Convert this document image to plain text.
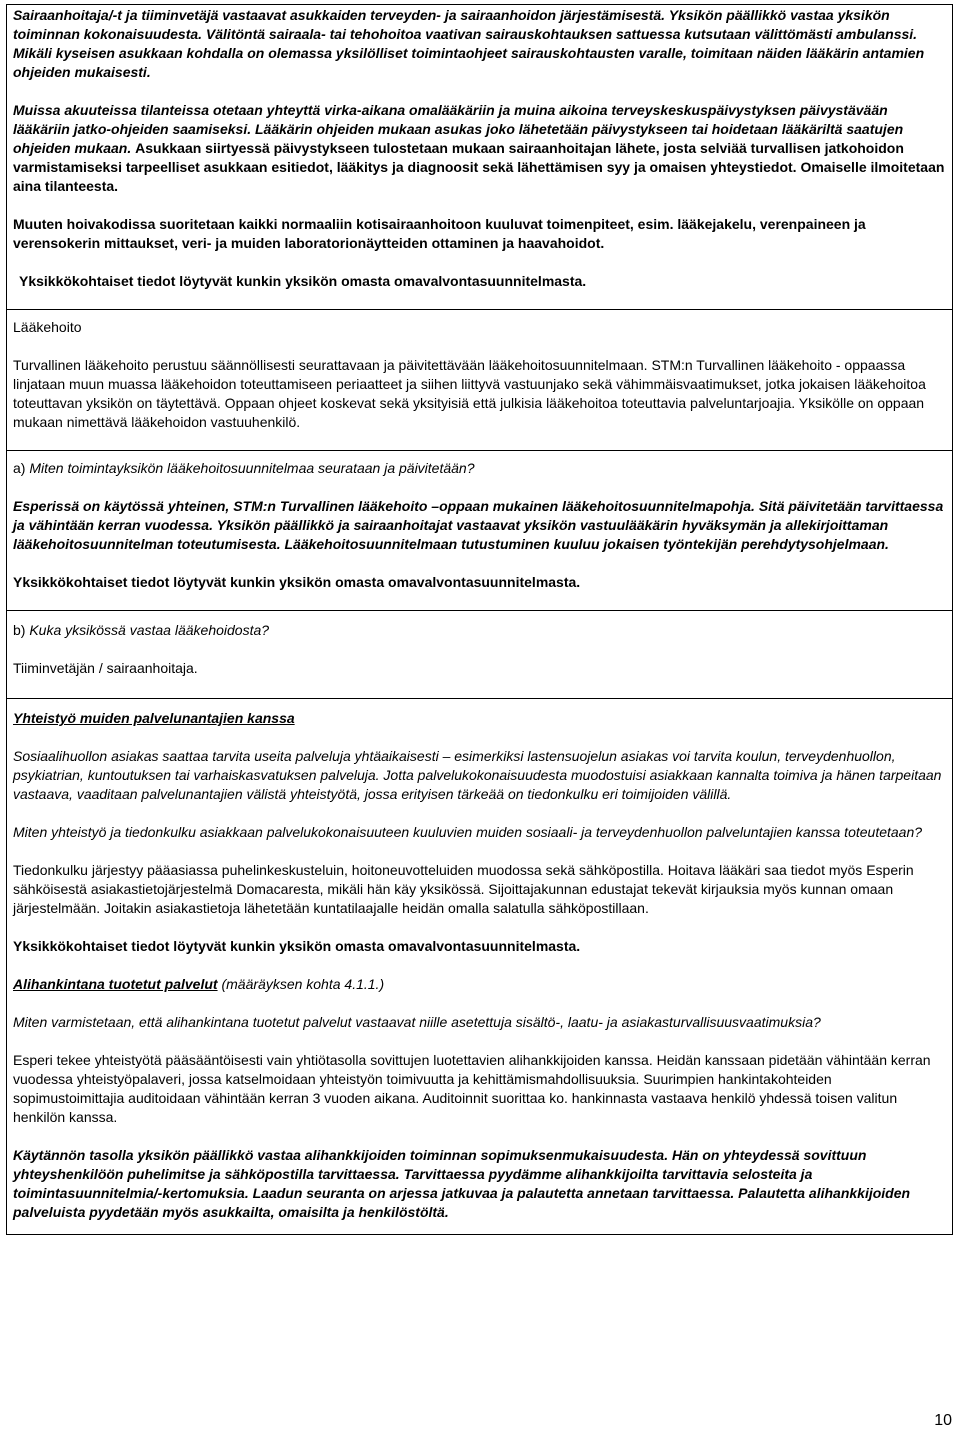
Sairaanhoitaja/-t ja tiiminvetäjä vastaavat asukkaiden terveyden- ja sairaanhoidon järjestämisestä. Yksikön päällikkö vastaa yksikön toiminnan kokonaisuudesta. Välitöntä sairaala- tai tehohoitoa vaativan sairauskohtauksen sattuessa kutsutaan välittömästi ambulanssi. Mikäli kyseisen asukkaan kohdalla on olemassa yksilölliset toimintaohjeet sairauskohtausten varalle, toimitaan näiden lääkärin antamien ohjeiden mukaisesti.

Muissa akuuteissa tilanteissa otetaan yhteyttä virka-aikana omalääkäriin ja muina aikoina terveyskeskuspäivystyksen päivystävään lääkäriin jatko-ohjeiden saamiseksi. Lääkärin ohjeiden mukaan asukas joko lähetetään päivystykseen tai hoidetaan lääkäriltä saatujen ohjeiden mukaan. Asukkaan siirtyessä päivystykseen tulostetaan mukaan sairaanhoitajan lähete, josta selviää turvallisen jatkohoidon varmistamiseksi tarpeelliset asukkaan esitiedot, lääkitys ja diagnoosit sekä lähettämisen syy ja omaisen yhteystiedot. Omaiselle ilmoitetaan aina tilanteesta.

Muuten hoivakodissa suoritetaan kaikki normaaliin kotisairaanhoitoon kuuluvat toimenpiteet, esim. lääkejakelu, verenpaineen ja verensokerin mittaukset, veri- ja muiden laboratorionäytteiden ottaminen ja haavahoidot.

Yksikkökohtaiset tiedot löytyvät kunkin yksikön omasta omavalvontasuunnitelmasta.

Lääkehoito

Turvallinen lääkehoito perustuu säännöllisesti seurattavaan ja päivitettävään lääkehoitosuunnitelmaan. STM:n Turvallinen lääkehoito - oppaassa linjataan muun muassa lääkehoidon toteuttamiseen periaatteet ja siihen liittyvä vastuunjako sekä vähimmäisvaatimukset, jotka jokaisen lääkehoitoa toteuttavan yksikön on täytettävä. Oppaan ohjeet koskevat sekä yksityisiä että julkisia lääkehoitoa toteuttavia palveluntarjoajia. Yksikölle on oppaan mukaan nimettävä lääkehoidon vastuuhenkilö.

a) Miten toimintayksikön lääkehoitosuunnitelmaa seurataan ja päivitetään?

Esperissä on käytössä yhteinen, STM:n Turvallinen lääkehoito –oppaan mukainen lääkehoitosuunnitelmapohja. Sitä päivitetään tarvittaessa ja vähintään kerran vuodessa. Yksikön päällikkö ja sairaanhoitajat vastaavat yksikön vastuulääkärin hyväksymän ja allekirjoittaman lääkehoitosuunnitelman toteutumisesta. Lääkehoitosuunnitelmaan tutustuminen kuuluu jokaisen työntekijän perehdytysohjelmaan.

Yksikkökohtaiset tiedot löytyvät kunkin yksikön omasta omavalvontasuunnitelmasta.

b) Kuka yksikössä vastaa lääkehoidosta?

Tiiminvetäjän / sairaanhoitaja.

Yhteistyö muiden palvelunantajien kanssa

Sosiaalihuollon asiakas saattaa tarvita useita palveluja yhtäaikaisesti – esimerkiksi lastensuojelun asiakas voi tarvita koulun, terveydenhuollon, psykiatrian, kuntoutuksen tai varhaiskasvatuksen palveluja. Jotta palvelukokonaisuudesta muodostuisi asiakkaan kannalta toimiva ja hänen tarpeitaan vastaava, vaaditaan palvelunantajien välistä yhteistyötä, jossa erityisen tärkeää on tiedonkulku eri toimijoiden välillä.

Miten yhteistyö ja tiedonkulku asiakkaan palvelukokonaisuuteen kuuluvien muiden sosiaali- ja terveydenhuollon palveluntajien kanssa toteutetaan?

Tiedonkulku järjestyy pääasiassa puhelinkeskusteluin, hoitoneuvotteluiden muodossa sekä sähköpostilla. Hoitava lääkäri saa tiedot myös Esperin sähköisestä asiakastietojärjestelmä Domacaresta, mikäli hän käy yksikössä. Sijoittajakunnan edustajat tekevät kirjauksia myös kunnan omaan järjestelmään. Joitakin asiakastietoja lähetetään kuntatilaajalle heidän omalla salatulla sähköpostillaan.

Yksikkökohtaiset tiedot löytyvät kunkin yksikön omasta omavalvontasuunnitelmasta.

Alihankintana tuotetut palvelut (määräyksen kohta 4.1.1.)

Miten varmistetaan, että alihankintana tuotetut palvelut vastaavat niille asetettuja sisältö-, laatu- ja asiakasturvallisuusvaatimuksia?

Esperi tekee yhteistyötä pääsääntöisesti vain yhtiötasolla sovittujen luotettavien alihankkijoiden kanssa. Heidän kanssaan pidetään vähintään kerran vuodessa yhteistyöpalaveri, jossa katselmoidaan yhteistyön toimivuutta ja kehittämismahdollisuuksia. Suurimpien hankintakohteiden sopimustoimittajia auditoidaan vähintään kerran 3 vuoden aikana. Auditoinnit suorittaa ko. hankinnasta vastaava henkilö yhdessä toisen valitun henkilön kanssa.

Käytännön tasolla yksikön päällikkö vastaa alihankkijoiden toiminnan sopimuksenmukaisuudesta. Hän on yhteydessä sovittuun yhteyshenkilöön puhelimitse ja sähköpostilla tarvittaessa. Tarvittaessa pyydämme alihankkijoilta tarvittavia selosteita ja toimintasuunnitelmia/-kertomuksia. Laadun seuranta on arjessa jatkuvaa ja palautetta annetaan tarvittaessa. Palautetta alihankkijoiden palveluista pyydetään myös asukkailta, omaisilta ja henkilöstöltä.

10
